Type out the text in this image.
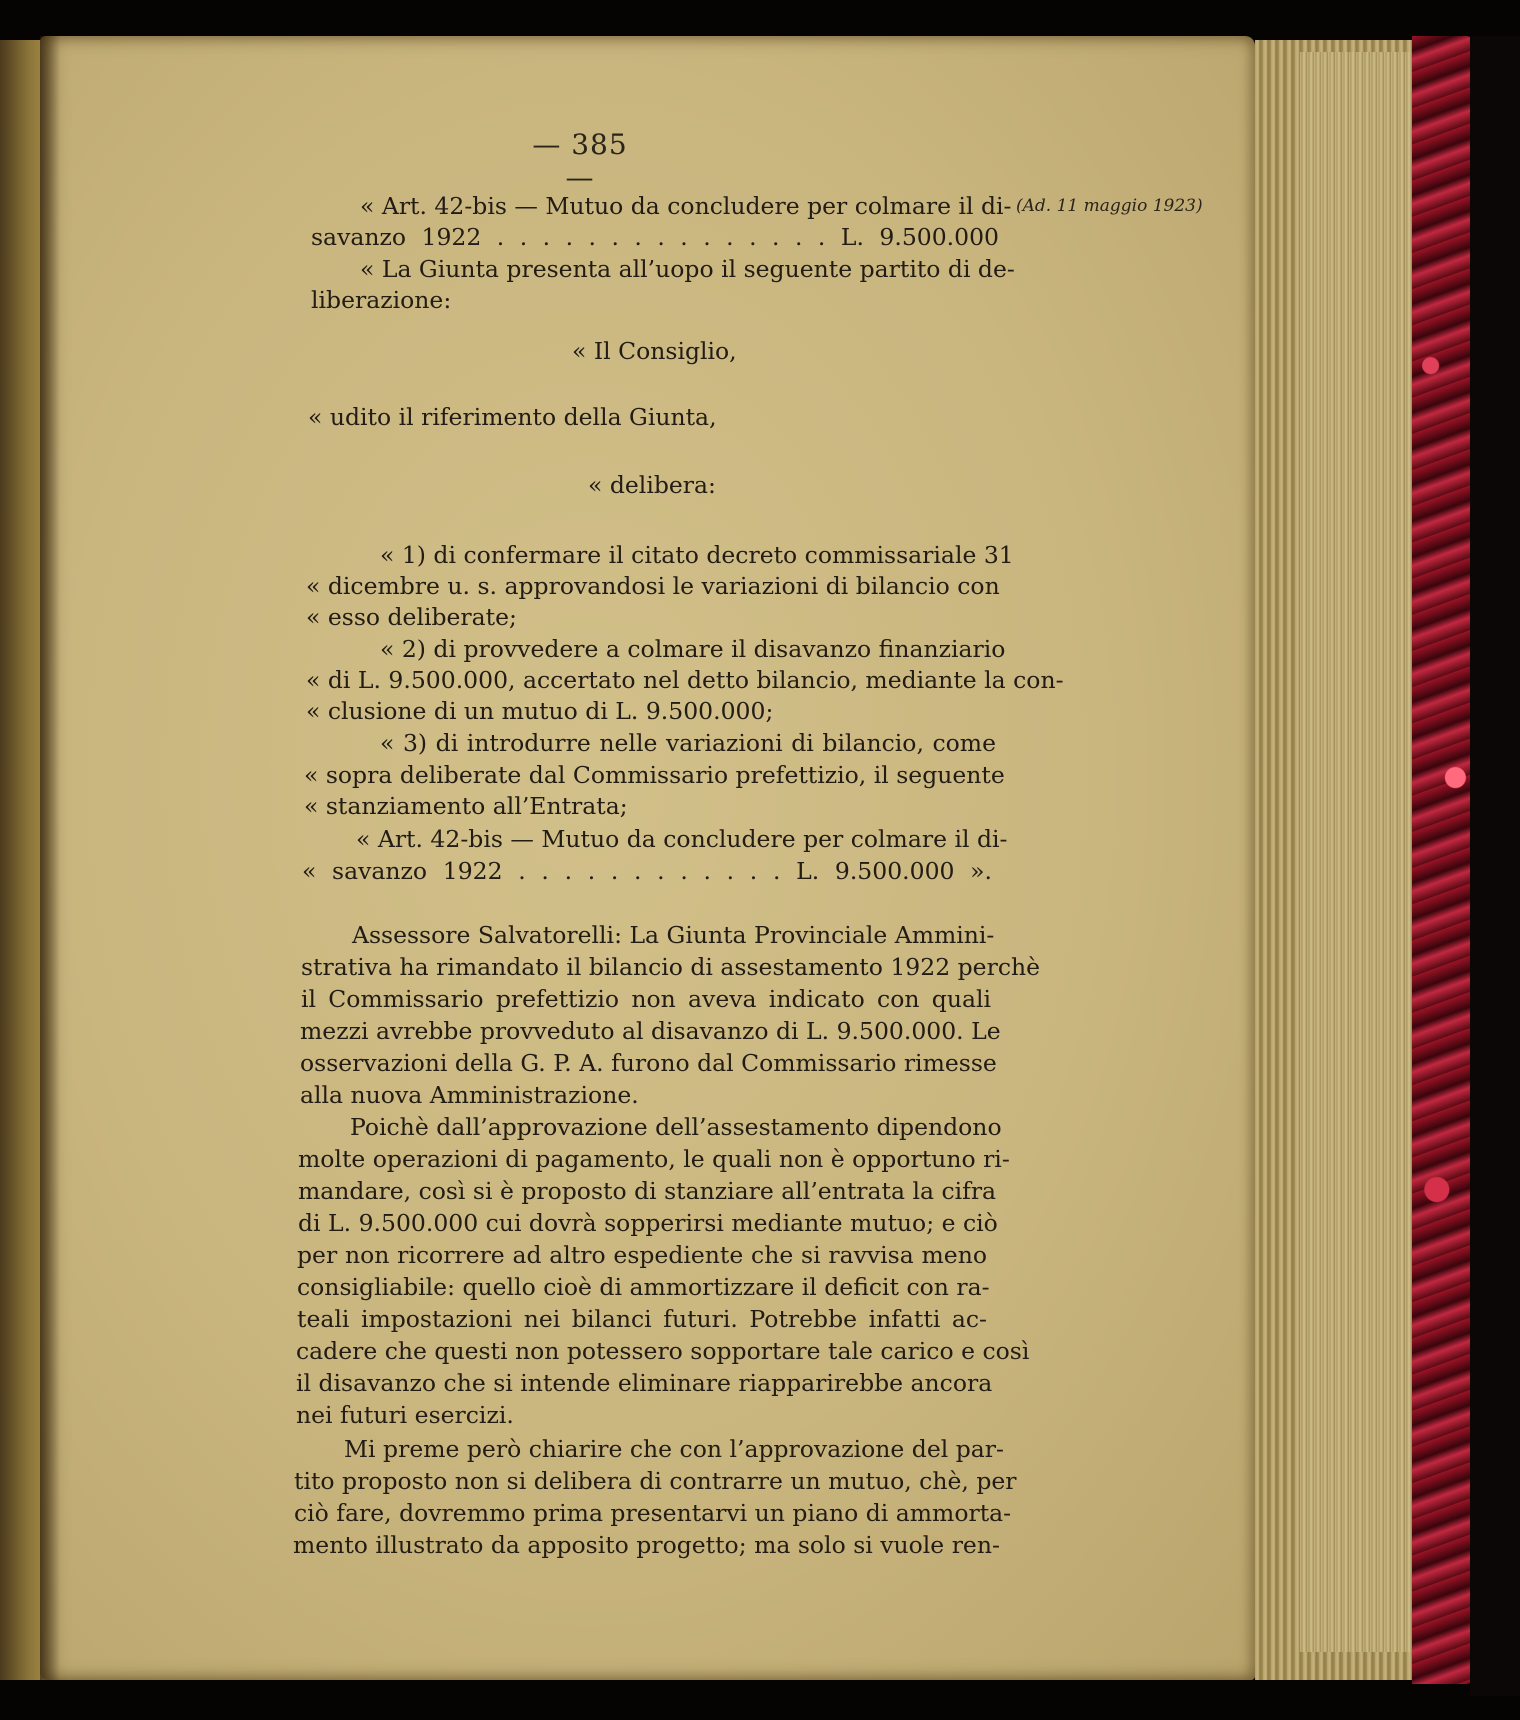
— 385 —
(Ad. 11 maggio 1923)
« Art. 42-bis — Mutuo da concludere per colmare il di-
savanzo 1922 . . . . . . . . . . . . . . . L. 9.500.000
« La Giunta presenta all’uopo il seguente partito di de-
liberazione:
« Il Consiglio,
« udito il riferimento della Giunta,
« delibera:
« 1) di confermare il citato decreto commissariale 31
« dicembre u. s. approvandosi le variazioni di bilancio con
« esso deliberate;
« 2) di provvedere a colmare il disavanzo finanziario
« di L. 9.500.000, accertato nel detto bilancio, mediante la con-
« clusione di un mutuo di L. 9.500.000;
« 3) di introdurre nelle variazioni di bilancio, come
« sopra deliberate dal Commissario prefettizio, il seguente
« stanziamento all’Entrata;
« Art. 42-bis — Mutuo da concludere per colmare il di-
« savanzo 1922 . . . . . . . . . . . . L. 9.500.000 ».
Assessore Salvatorelli: La Giunta Provinciale Ammini-
strativa ha rimandato il bilancio di assestamento 1922 perchè
il Commissario prefettizio non aveva indicato con quali
mezzi avrebbe provveduto al disavanzo di L. 9.500.000. Le
osservazioni della G. P. A. furono dal Commissario rimesse
alla nuova Amministrazione.
Poichè dall’approvazione dell’assestamento dipendono
molte operazioni di pagamento, le quali non è opportuno ri-
mandare, così si è proposto di stanziare all’entrata la cifra
di L. 9.500.000 cui dovrà sopperirsi mediante mutuo; e ciò
per non ricorrere ad altro espediente che si ravvisa meno
consigliabile: quello cioè di ammortizzare il deficit con ra-
teali impostazioni nei bilanci futuri. Potrebbe infatti ac-
cadere che questi non potessero sopportare tale carico e così
il disavanzo che si intende eliminare riapparirebbe ancora
nei futuri esercizi.
Mi preme però chiarire che con l’approvazione del par-
tito proposto non si delibera di contrarre un mutuo, chè, per
ciò fare, dovremmo prima presentarvi un piano di ammorta-
mento illustrato da apposito progetto; ma solo si vuole ren-
